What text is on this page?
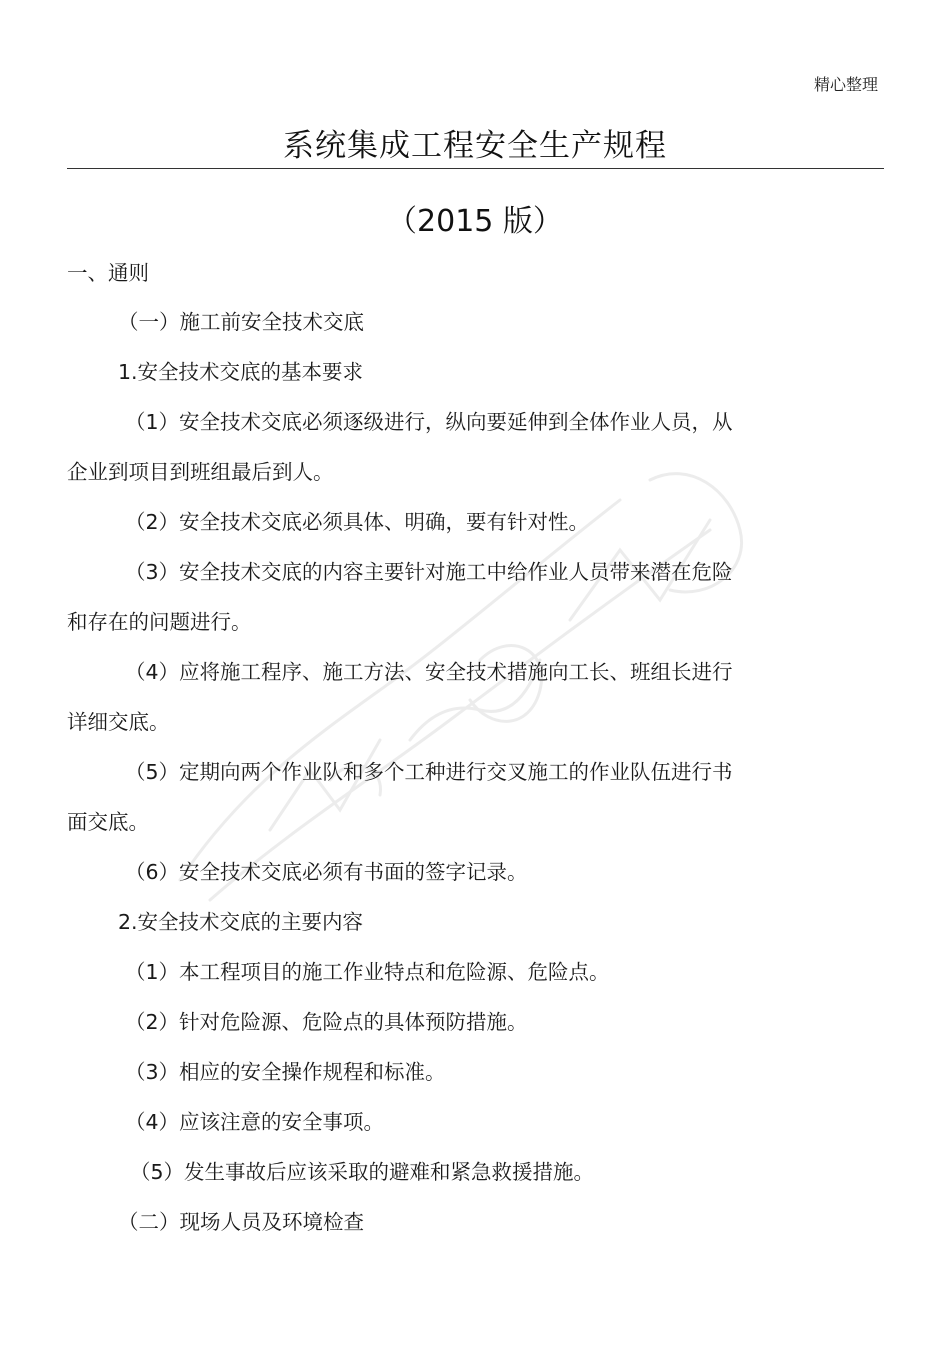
精心整理
系统集成工程安全生产规程
（2015 版）
一、通则
（一）施工前安全技术交底
1.安全技术交底的基本要求
（1）安全技术交底必须逐级进行，纵向要延伸到全体作业人员，从
企业到项目到班组最后到人。
（2）安全技术交底必须具体、明确，要有针对性。
（3）安全技术交底的内容主要针对施工中给作业人员带来潜在危险
和存在的问题进行。
（4）应将施工程序、施工方法、安全技术措施向工长、班组长进行
详细交底。
（5）定期向两个作业队和多个工种进行交叉施工的作业队伍进行书
面交底。
（6）安全技术交底必须有书面的签字记录。
2.安全技术交底的主要内容
（1）本工程项目的施工作业特点和危险源、危险点。
（2）针对危险源、危险点的具体预防措施。
（3）相应的安全操作规程和标准。
（4）应该注意的安全事项。
（5）发生事故后应该采取的避难和紧急救援措施。
（二）现场人员及环境检查
